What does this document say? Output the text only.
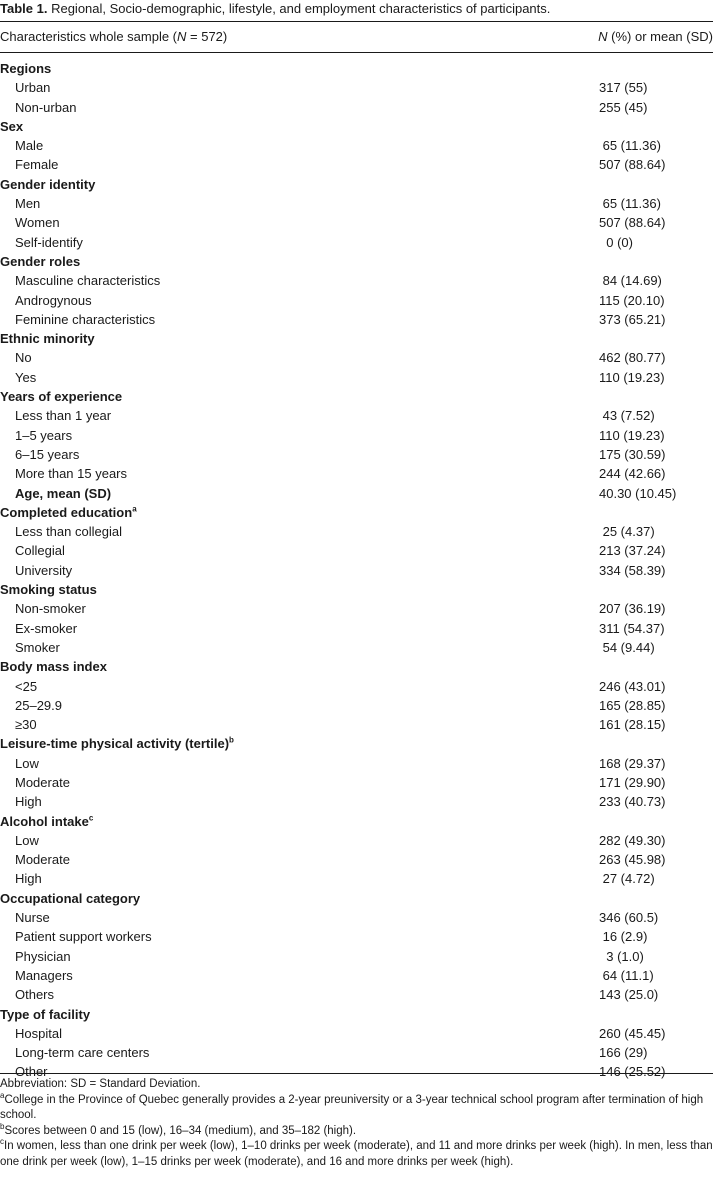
Table 1. Regional, Socio-demographic, lifestyle, and employment characteristics of participants.
Characteristics whole sample (N = 572)	N (%) or mean (SD)
Regions
Urban	317 (55)
Non-urban	255 (45)
Sex
Male	65 (11.36)
Female	507 (88.64)
Gender identity
Men	65 (11.36)
Women	507 (88.64)
Self-identify	0 (0)
Gender roles
Masculine characteristics	84 (14.69)
Androgynous	115 (20.10)
Feminine characteristics	373 (65.21)
Ethnic minority
No	462 (80.77)
Yes	110 (19.23)
Years of experience
Less than 1 year	43 (7.52)
1–5 years	110 (19.23)
6–15 years	175 (30.59)
More than 15 years	244 (42.66)
Age, mean (SD)	40.30 (10.45)
Completed education$^a$
Less than collegial	25 (4.37)
Collegial	213 (37.24)
University	334 (58.39)
Smoking status
Non-smoker	207 (36.19)
Ex-smoker	311 (54.37)
Smoker	54 (9.44)
Body mass index
<25	246 (43.01)
25–29.9	165 (28.85)
≥30	161 (28.15)
Leisure-time physical activity (tertile)$^b$
Low	168 (29.37)
Moderate	171 (29.90)
High	233 (40.73)
Alcohol intake$^c$
Low	282 (49.30)
Moderate	263 (45.98)
High	27 (4.72)
Occupational category
Nurse	346 (60.5)
Patient support workers	16 (2.9)
Physician	3 (1.0)
Managers	64 (11.1)
Others	143 (25.0)
Type of facility
Hospital	260 (45.45)
Long-term care centers	166 (29)
Other	146 (25.52)

Abbreviation: SD = Standard Deviation.

$^a$College in the Province of Quebec generally provides a 2-year preuniversity or a 3-year technical school program after termination of high school.

$^b$Scores between 0 and 15 (low), 16–34 (medium), and 35–182 (high).

$^c$In women, less than one drink per week (low), 1–10 drinks per week (moderate), and 11 and more drinks per week (high). In men, less than one drink per week (low), 1–15 drinks per week (moderate), and 16 and more drinks per week (high).
